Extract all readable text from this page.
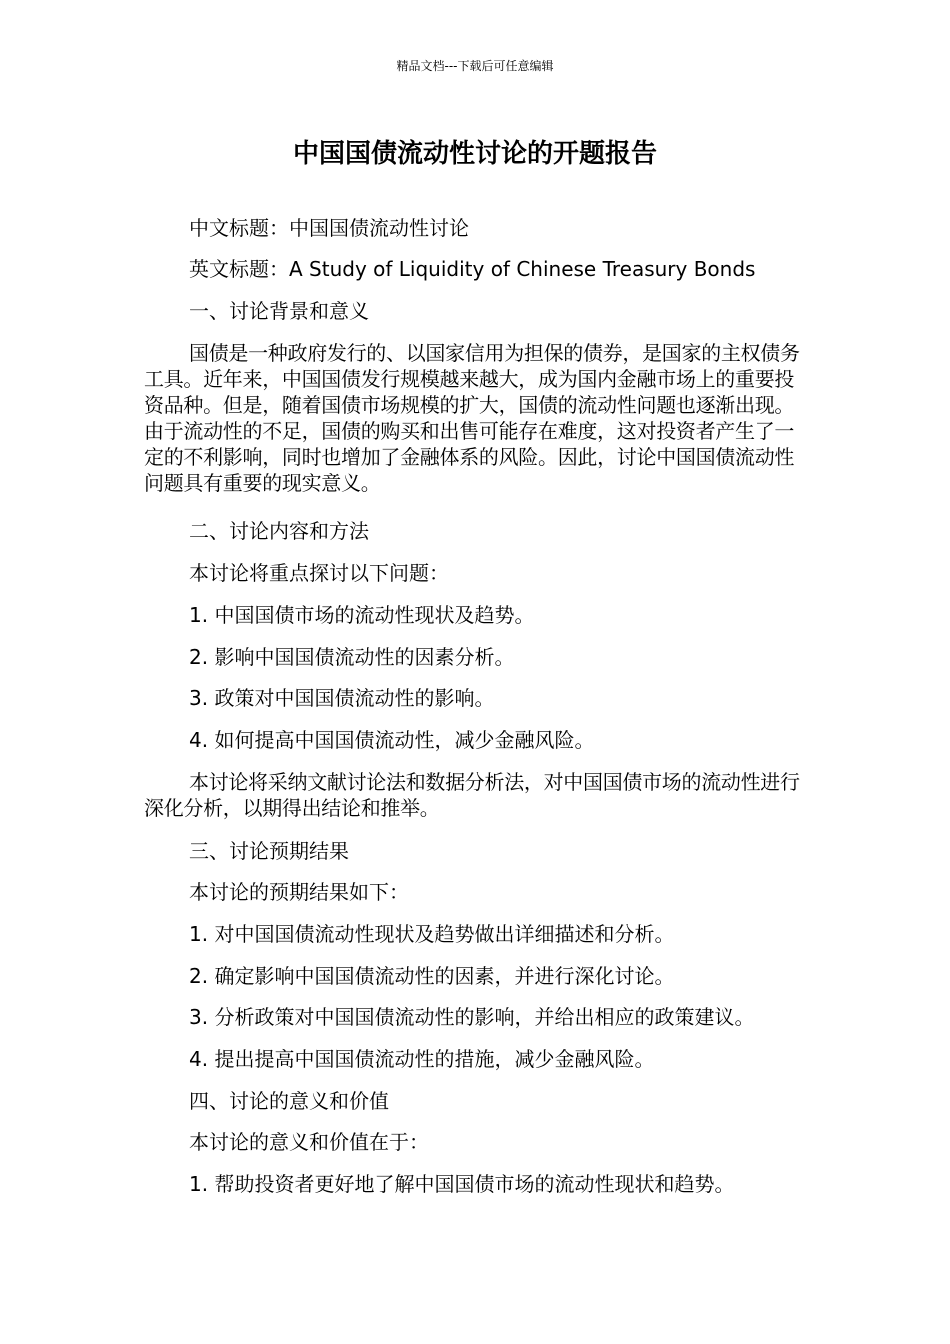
精品文档---下载后可任意编辑
中国国债流动性讨论的开题报告

中文标题：中国国债流动性讨论

英文标题：A Study of Liquidity of Chinese Treasury Bonds

一、讨论背景和意义

国债是一种政府发行的、以国家信用为担保的债券，是国家的主权债务工具。近年来，中国国债发行规模越来越大，成为国内金融市场上的重要投资品种。但是，随着国债市场规模的扩大，国债的流动性问题也逐渐出现。由于流动性的不足，国债的购买和出售可能存在难度，这对投资者产生了一定的不利影响，同时也增加了金融体系的风险。因此，讨论中国国债流动性问题具有重要的现实意义。

二、讨论内容和方法

本讨论将重点探讨以下问题：

1. 中国国债市场的流动性现状及趋势。

2. 影响中国国债流动性的因素分析。

3. 政策对中国国债流动性的影响。

4. 如何提高中国国债流动性，减少金融风险。

本讨论将采纳文献讨论法和数据分析法，对中国国债市场的流动性进行深化分析，以期得出结论和推举。

三、讨论预期结果

本讨论的预期结果如下：

1. 对中国国债流动性现状及趋势做出详细描述和分析。

2. 确定影响中国国债流动性的因素，并进行深化讨论。

3. 分析政策对中国国债流动性的影响，并给出相应的政策建议。

4. 提出提高中国国债流动性的措施，减少金融风险。

四、讨论的意义和价值

本讨论的意义和价值在于：

1. 帮助投资者更好地了解中国国债市场的流动性现状和趋势。
